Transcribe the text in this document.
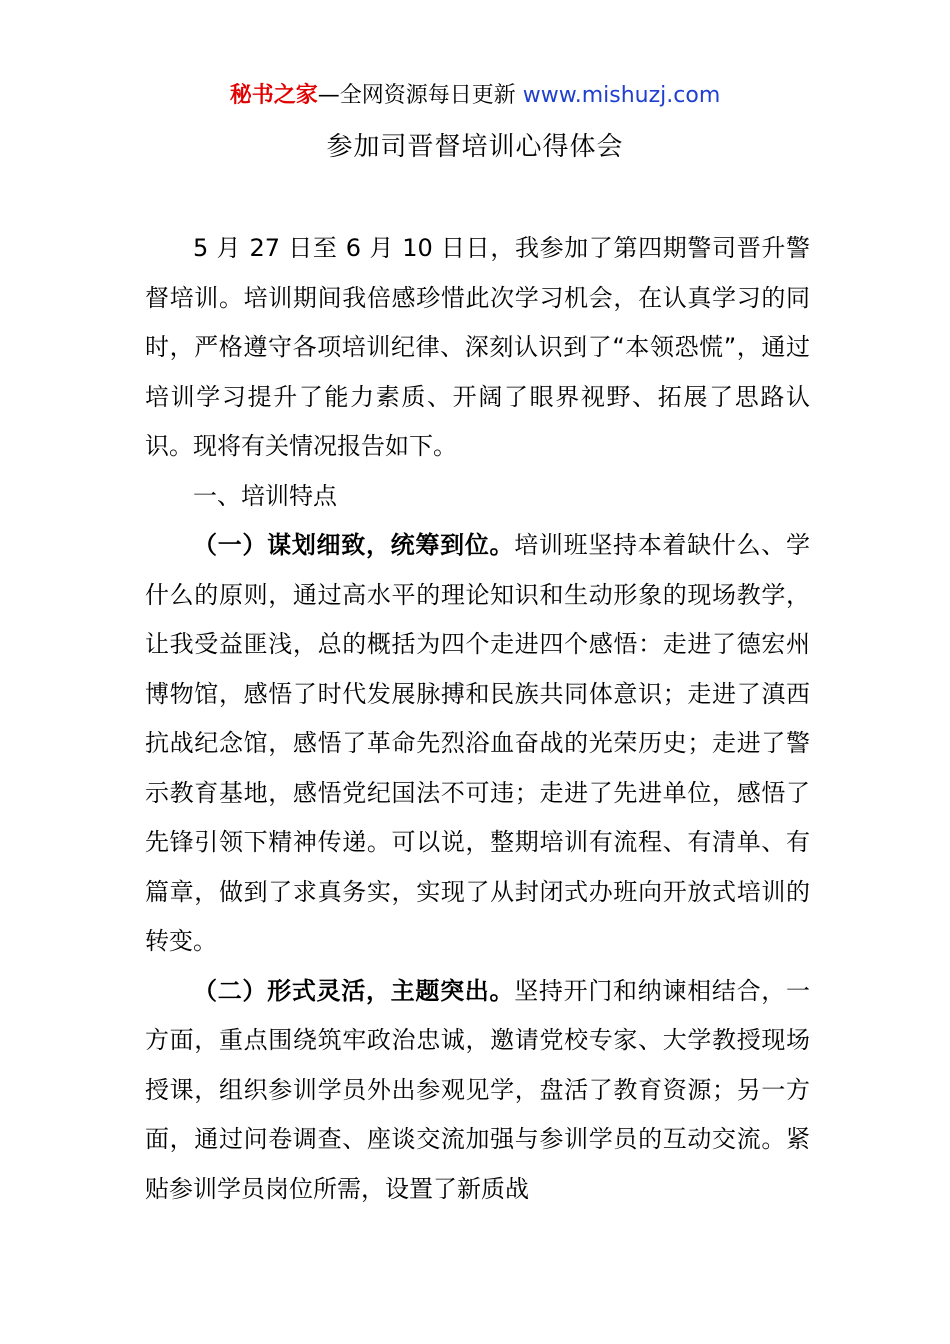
秘书之家—全网资源每日更新 www.mishuzj.com
参加司晋督培训心得体会

5 月 27 日至 6 月 10 日日，我参加了第四期警司晋升警督培训。培训期间我倍感珍惜此次学习机会，在认真学习的同时，严格遵守各项培训纪律、深刻认识到了“本领恐慌”，通过培训学习提升了能力素质、开阔了眼界视野、拓展了思路认识。现将有关情况报告如下。

一、培训特点

（一）谋划细致，统筹到位。培训班坚持本着缺什么、学什么的原则，通过高水平的理论知识和生动形象的现场教学，让我受益匪浅，总的概括为四个走进四个感悟：走进了德宏州博物馆，感悟了时代发展脉搏和民族共同体意识；走进了滇西抗战纪念馆，感悟了革命先烈浴血奋战的光荣历史；走进了警示教育基地，感悟党纪国法不可违；走进了先进单位，感悟了先锋引领下精神传递。可以说，整期培训有流程、有清单、有篇章，做到了求真务实，实现了从封闭式办班向开放式培训的转变。

（二）形式灵活，主题突出。坚持开门和纳谏相结合，一方面，重点围绕筑牢政治忠诚，邀请党校专家、大学教授现场授课，组织参训学员外出参观见学，盘活了教育资源；另一方面，通过问卷调查、座谈交流加强与参训学员的互动交流。紧贴参训学员岗位所需，设置了新质战
